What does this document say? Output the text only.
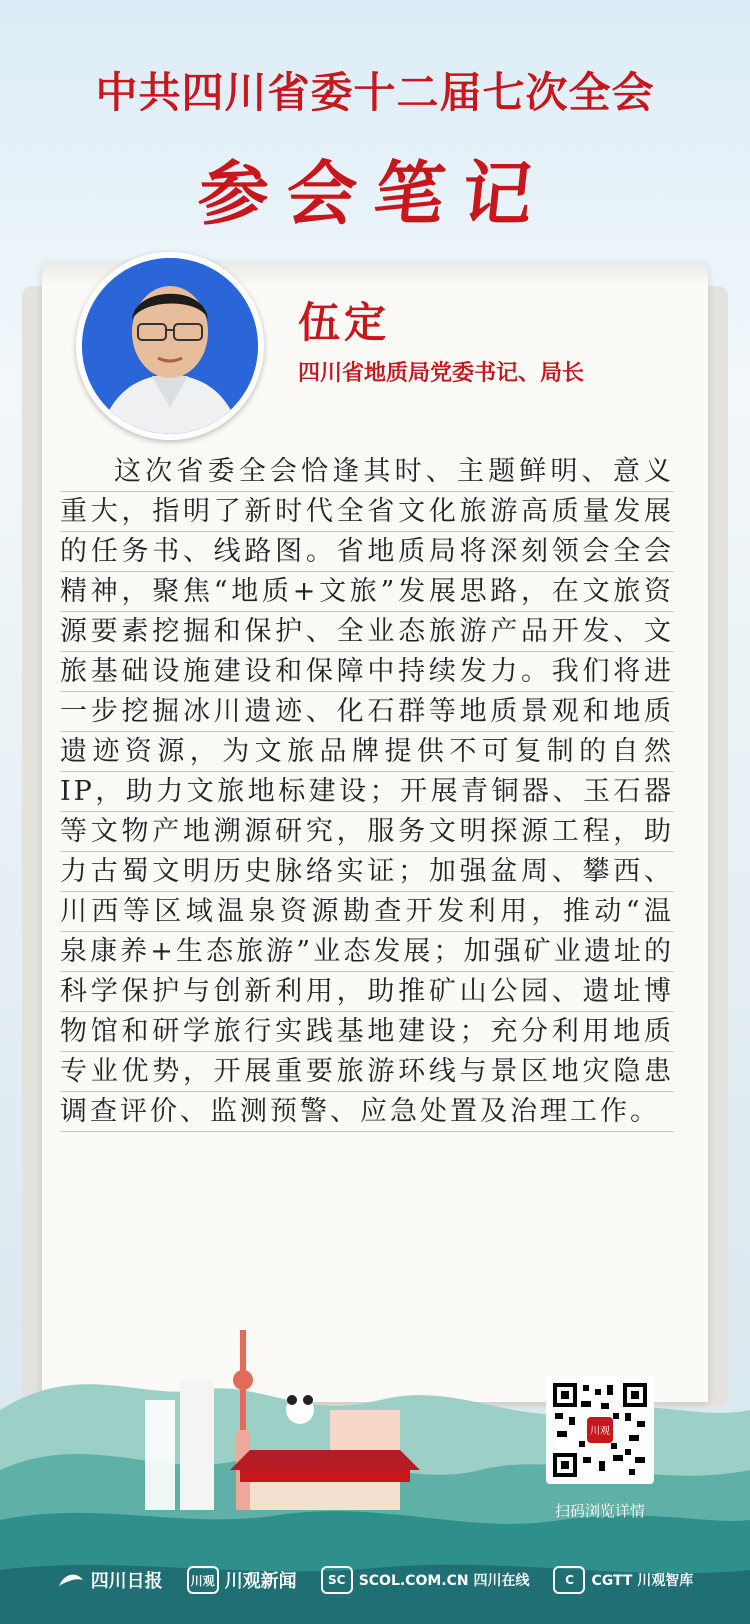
中共四川省委十二届七次全会
参会笔记
伍定
四川省地质局党委书记、局长
这次省委全会恰逢其时、主题鲜明、意义重大，指明了新时代全省文化旅游高质量发展的任务书、线路图。省地质局将深刻领会全会精神，聚焦“地质+文旅”发展思路，在文旅资源要素挖掘和保护、全业态旅游产品开发、文旅基础设施建设和保障中持续发力。我们将进一步挖掘冰川遗迹、化石群等地质景观和地质遗迹资源，为文旅品牌提供不可复制的自然IP，助力文旅地标建设；开展青铜器、玉石器等文物产地溯源研究，服务文明探源工程，助力古蜀文明历史脉络实证；加强盆周、攀西、川西等区域温泉资源勘查开发利用，推动“温泉康养+生态旅游”业态发展；加强矿业遗址的科学保护与创新利用，助推矿山公园、遗址博物馆和研学旅行实践基地建设；充分利用地质专业优势，开展重要旅游环线与景区地灾隐患调查评价、监测预警、应急处置及治理工作。
川观
扫码浏览详情
四川日报	川观 川观新闻	SC SCOL.COM.CN 四川在线	C	CGTT 川观智库
